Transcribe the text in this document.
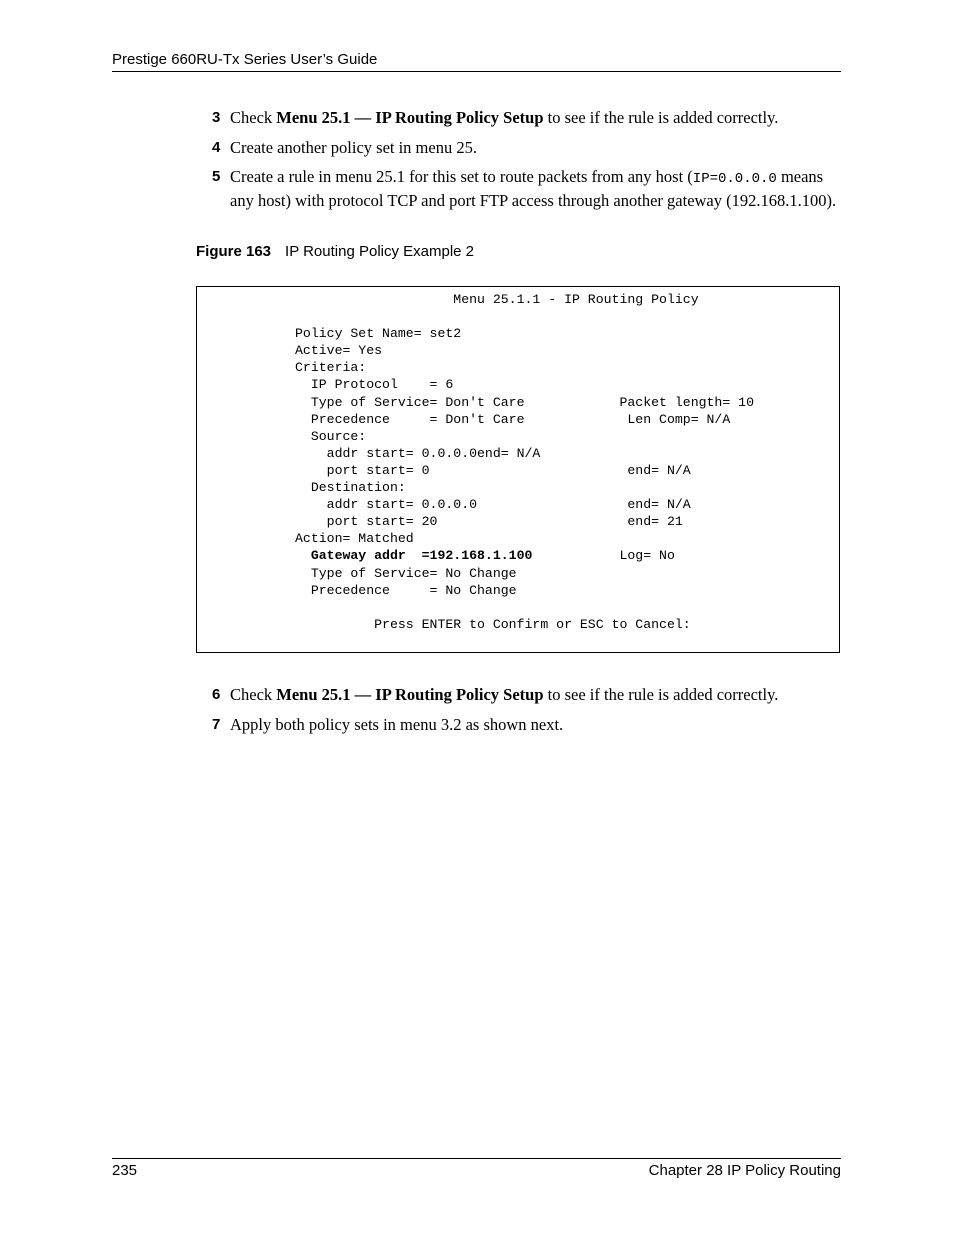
Prestige 660RU-Tx Series User’s Guide
3 Check Menu 25.1 — IP Routing Policy Setup to see if the rule is added correctly.
4 Create another policy set in menu 25.
5 Create a rule in menu 25.1 for this set to route packets from any host (IP=0.0.0.0 means any host) with protocol TCP and port FTP access through another gateway (192.168.1.100).
Figure 163 IP Routing Policy Example 2
Menu 25.1.1 - IP Routing Policy
Policy Set Name= set2
Active= Yes
Criteria:
IP Protocol    = 6
Type of Service= Don't Care            Packet length= 10
Precedence     = Don't Care             Len Comp= N/A
Source:
addr start= 0.0.0.0end= N/A
port start= 0                         end= N/A
Destination:
addr start= 0.0.0.0                   end= N/A
port start= 20                        end= 21
Action= Matched
Gateway addr  =192.168.1.100           Log= No
Type of Service= No Change
Precedence     = No Change
Press ENTER to Confirm or ESC to Cancel:
6 Check Menu 25.1 — IP Routing Policy Setup to see if the rule is added correctly.
7 Apply both policy sets in menu 3.2 as shown next.
235	Chapter 28 IP Policy Routing
